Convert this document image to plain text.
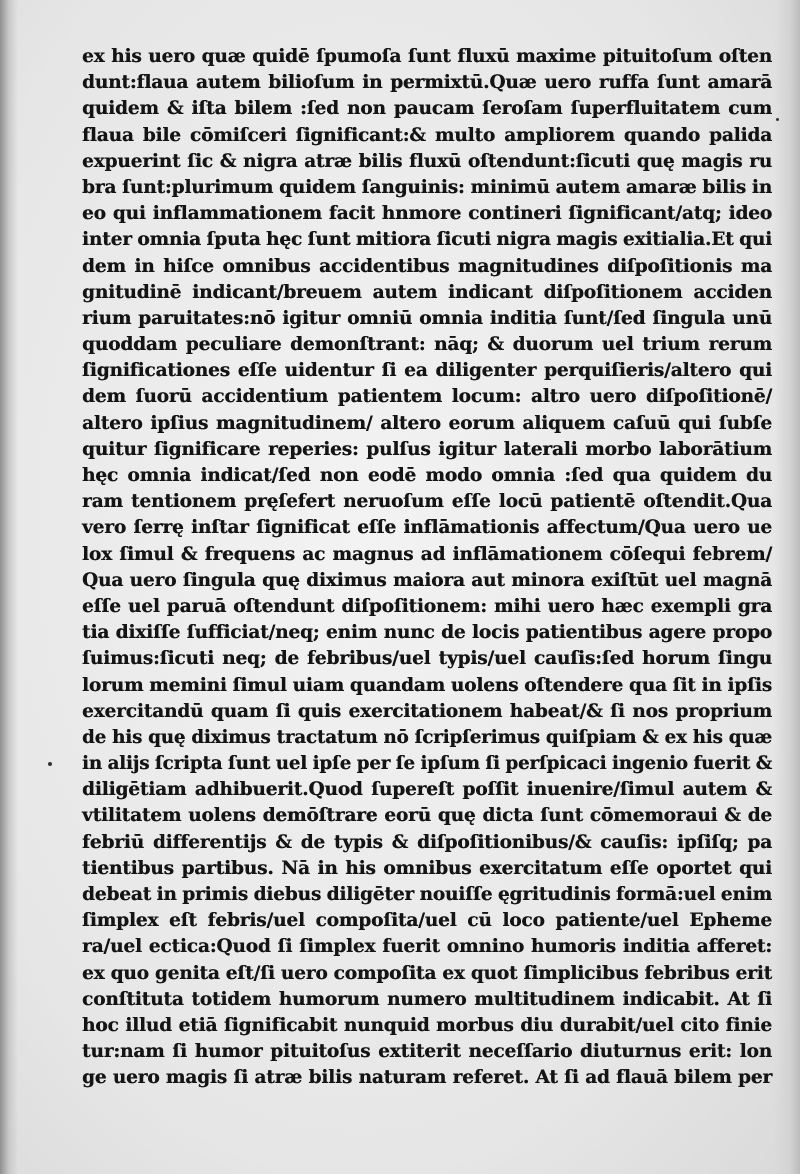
ex his uero quæ quidē ſpumoſa ſunt fluxū maxime pituitoſum oſten
dunt:flaua autem bilioſum in permixtū.Quæ uero ruffa ſunt amarā
quidem & iſta bilem :ſed non paucam ſeroſam ſuperfluitatem cum
flaua bile cōmiſceri ſignificant:& multo ampliorem quando palida
expuerint ſic & nigra atræ bilis fluxū oſtendunt:ſicuti quę magis ru
bra ſunt:plurimum quidem ſanguinis: minimū autem amaræ bilis in
eo qui inflammationem facit hnmore contineri ſignificant/atq; ideo
inter omnia ſputa hęc ſunt mitiora ſicuti nigra magis exitialia.Et qui
dem in hiſce omnibus accidentibus magnitudines diſpoſitionis ma
gnitudinē indicant/breuem autem indicant diſpoſitionem acciden
rium paruitates:nō igitur omniū omnia inditia ſunt/ſed ſingula unū
quoddam peculiare demonſtrant: nāq; & duorum uel trium rerum
ſignificationes eſſe uidentur ſi ea diligenter perquiſieris/altero qui
dem ſuorū accidentium patientem locum: altro uero diſpoſitionē/
altero ipſius magnitudinem/ altero eorum aliquem caſuū qui ſubſe
quitur ſignificare reperies: pulſus igitur laterali morbo laborātium
hęc omnia indicat/ſed non eodē modo omnia :ſed qua quidem du
ram tentionem pręſefert neruoſum eſſe locū patientē oſtendit.Qua
vero ſerrę inſtar ſignificat eſſe inflāmationis affectum/Qua uero ue
lox ſimul & frequens ac magnus ad inflāmationem cōſequi febrem/
Qua uero ſingula quę diximus maiora aut minora exiſtūt uel magnā
eſſe uel paruā oſtendunt diſpoſitionem: mihi uero hæc exempli gra
tia dixiſſe ſufficiat/neq; enim nunc de locis patientibus agere propo
ſuimus:ſicuti neq; de febribus/uel typis/uel cauſis:ſed horum ſingu
lorum memini ſimul uiam quandam uolens oſtendere qua ſit in ipſis
exercitandū quam ſi quis exercitationem habeat/& ſi nos proprium
de his quę diximus tractatum nō ſcripſerimus quiſpiam & ex his quæ
in alijs ſcripta ſunt uel ipſe per ſe ipſum ſi perſpicaci ingenio fuerit &
diligētiam adhibuerit.Quod ſupereſt poſſit inuenire/ſimul autem &
vtilitatem uolens demōſtrare eorū quę dicta ſunt cōmemoraui & de
febriū differentijs & de typis & diſpoſitionibus/& cauſis: ipſiſq; pa
tientibus partibus. Nā in his omnibus exercitatum eſſe oportet qui
debeat in primis diebus diligēter nouiſſe ęgritudinis formā:uel enim
ſimplex eſt febris/uel compoſita/uel cū loco patiente/uel Epheme
ra/uel ectica:Quod ſi ſimplex fuerit omnino humoris inditia afferet:
ex quo genita eſt/ſi uero compoſita ex quot ſimplicibus febribus erit
conſtituta totidem humorum numero multitudinem indicabit. At ſi
hoc illud etiā ſignificabit nunquid morbus diu durabit/uel cito finie
tur:nam ſi humor pituitoſus extiterit neceſſario diuturnus erit: lon
ge uero magis ſi atræ bilis naturam referet. At ſi ad flauā bilem per
